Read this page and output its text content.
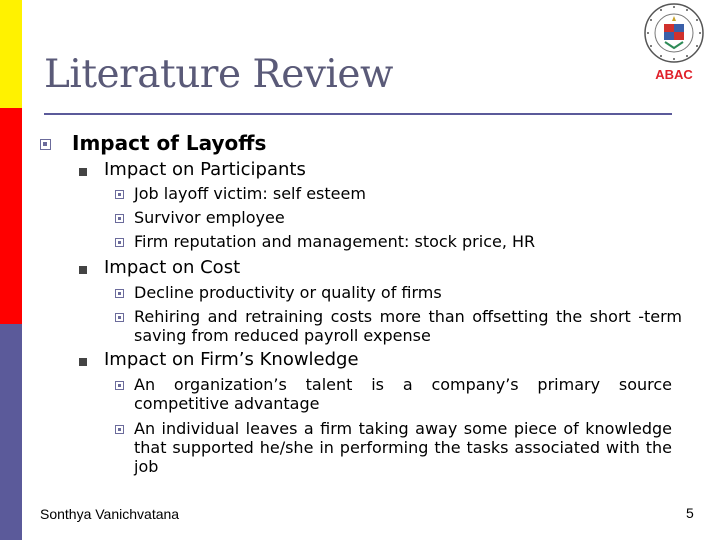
Literature Review	ABAC

Impact of Layoffs

Impact on Participants

Job layoff victim: self esteem

Survivor employee

Firm reputation and management: stock price, HR

Impact on Cost

Decline productivity or quality of firms

Rehiring and retraining costs more than offsetting the short -term saving from reduced payroll expense

Impact on Firm’s Knowledge

An organization’s talent is a company’s primary source competitive advantage

An individual leaves a firm taking away some piece of knowledge that supported he/she in performing the tasks associated with the job

Sonthya Vanichvatana	5
